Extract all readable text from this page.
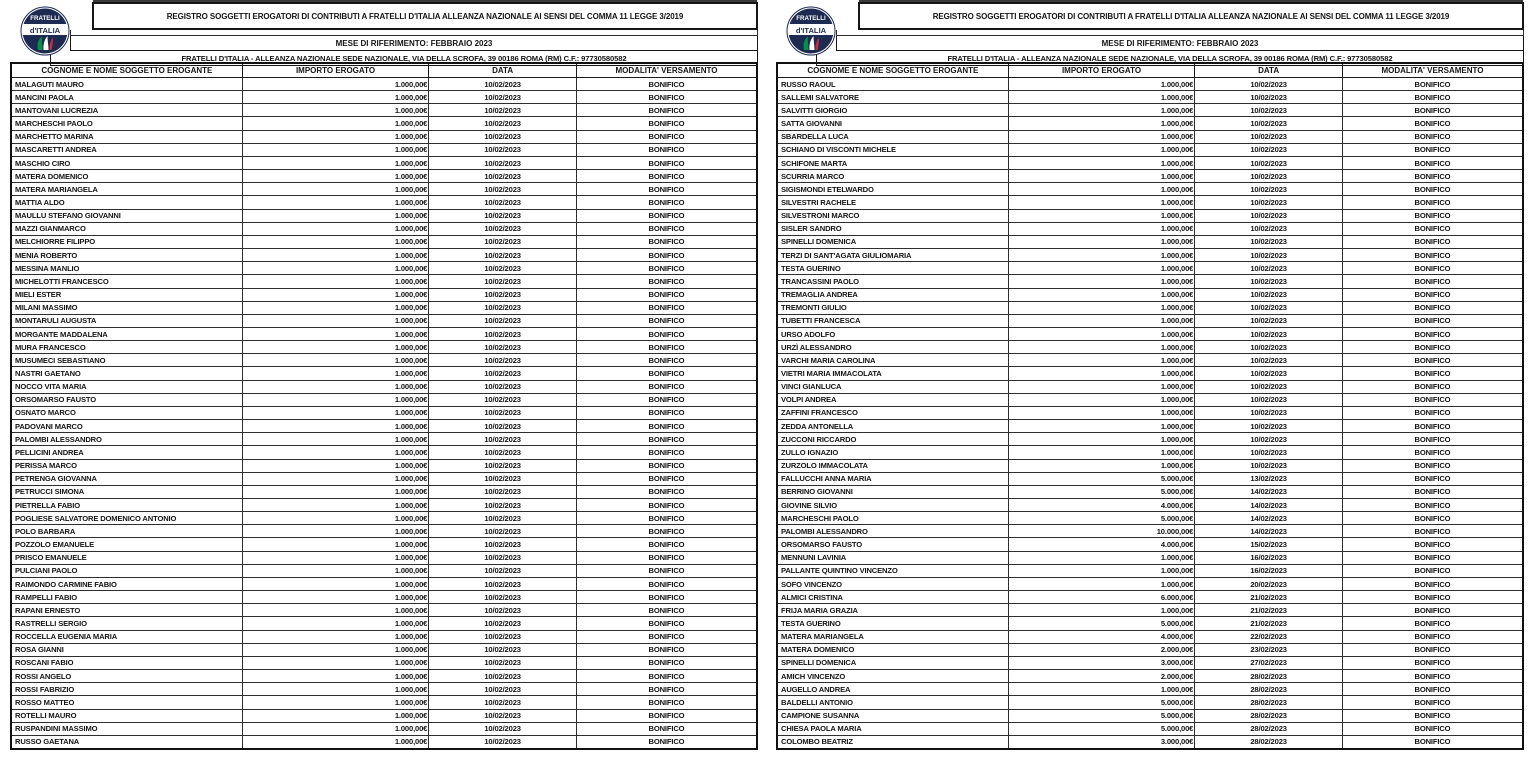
FRATELLI
d'ITALIA
REGISTRO SOGGETTI EROGATORI DI CONTRIBUTI A FRATELLI D'ITALIA ALLEANZA NAZIONALE AI SENSI DEL COMMA 11 LEGGE 3/2019
MESE DI RIFERIMENTO: FEBBRAIO 2023
FRATELLI D'ITALIA - ALLEANZA NAZIONALE SEDE NAZIONALE, VIA DELLA SCROFA, 39 00186 ROMA (RM) C.F.: 97730580582
COGNOME E NOME SOGGETTO EROGANTE	IMPORTO EROGATO	DATA	MODALITA' VERSAMENTO
MALAGUTI MAURO	1.000,00€	10/02/2023	BONIFICO
MANCINI PAOLA	1.000,00€	10/02/2023	BONIFICO
MANTOVANI LUCREZIA	1.000,00€	10/02/2023	BONIFICO
MARCHESCHI PAOLO	1.000,00€	10/02/2023	BONIFICO
MARCHETTO MARINA	1.000,00€	10/02/2023	BONIFICO
MASCARETTI ANDREA	1.000,00€	10/02/2023	BONIFICO
MASCHIO CIRO	1.000,00€	10/02/2023	BONIFICO
MATERA DOMENICO	1.000,00€	10/02/2023	BONIFICO
MATERA MARIANGELA	1.000,00€	10/02/2023	BONIFICO
MATTIA ALDO	1.000,00€	10/02/2023	BONIFICO
MAULLU STEFANO GIOVANNI	1.000,00€	10/02/2023	BONIFICO
MAZZI GIANMARCO	1.000,00€	10/02/2023	BONIFICO
MELCHIORRE FILIPPO	1.000,00€	10/02/2023	BONIFICO
MENIA ROBERTO	1.000,00€	10/02/2023	BONIFICO
MESSINA MANLIO	1.000,00€	10/02/2023	BONIFICO
MICHELOTTI FRANCESCO	1.000,00€	10/02/2023	BONIFICO
MIELI ESTER	1.000,00€	10/02/2023	BONIFICO
MILANI MASSIMO	1.000,00€	10/02/2023	BONIFICO
MONTARULI AUGUSTA	1.000,00€	10/02/2023	BONIFICO
MORGANTE MADDALENA	1.000,00€	10/02/2023	BONIFICO
MURA FRANCESCO	1.000,00€	10/02/2023	BONIFICO
MUSUMECI SEBASTIANO	1.000,00€	10/02/2023	BONIFICO
NASTRI GAETANO	1.000,00€	10/02/2023	BONIFICO
NOCCO VITA MARIA	1.000,00€	10/02/2023	BONIFICO
ORSOMARSO FAUSTO	1.000,00€	10/02/2023	BONIFICO
OSNATO MARCO	1.000,00€	10/02/2023	BONIFICO
PADOVANI MARCO	1.000,00€	10/02/2023	BONIFICO
PALOMBI ALESSANDRO	1.000,00€	10/02/2023	BONIFICO
PELLICINI ANDREA	1.000,00€	10/02/2023	BONIFICO
PERISSA MARCO	1.000,00€	10/02/2023	BONIFICO
PETRENGA GIOVANNA	1.000,00€	10/02/2023	BONIFICO
PETRUCCI SIMONA	1.000,00€	10/02/2023	BONIFICO
PIETRELLA FABIO	1.000,00€	10/02/2023	BONIFICO
POGLIESE SALVATORE DOMENICO ANTONIO	1.000,00€	10/02/2023	BONIFICO
POLO BARBARA	1.000,00€	10/02/2023	BONIFICO
POZZOLO EMANUELE	1.000,00€	10/02/2023	BONIFICO
PRISCO EMANUELE	1.000,00€	10/02/2023	BONIFICO
PULCIANI PAOLO	1.000,00€	10/02/2023	BONIFICO
RAIMONDO CARMINE FABIO	1.000,00€	10/02/2023	BONIFICO
RAMPELLI FABIO	1.000,00€	10/02/2023	BONIFICO
RAPANI ERNESTO	1.000,00€	10/02/2023	BONIFICO
RASTRELLI SERGIO	1.000,00€	10/02/2023	BONIFICO
ROCCELLA EUGENIA MARIA	1.000,00€	10/02/2023	BONIFICO
ROSA GIANNI	1.000,00€	10/02/2023	BONIFICO
ROSCANI FABIO	1.000,00€	10/02/2023	BONIFICO
ROSSI ANGELO	1.000,00€	10/02/2023	BONIFICO
ROSSI FABRIZIO	1.000,00€	10/02/2023	BONIFICO
ROSSO MATTEO	1.000,00€	10/02/2023	BONIFICO
ROTELLI MAURO	1.000,00€	10/02/2023	BONIFICO
RUSPANDINI MASSIMO	1.000,00€	10/02/2023	BONIFICO
RUSSO GAETANA	1.000,00€	10/02/2023	BONIFICO
FRATELLI
d'ITALIA
REGISTRO SOGGETTI EROGATORI DI CONTRIBUTI A FRATELLI D'ITALIA ALLEANZA NAZIONALE AI SENSI DEL COMMA 11 LEGGE 3/2019
MESE DI RIFERIMENTO: FEBBRAIO 2023
FRATELLI D'ITALIA - ALLEANZA NAZIONALE SEDE NAZIONALE, VIA DELLA SCROFA, 39 00186 ROMA (RM) C.F.: 97730580582
COGNOME E NOME SOGGETTO EROGANTE	IMPORTO EROGATO	DATA	MODALITA' VERSAMENTO
RUSSO RAOUL	1.000,00€	10/02/2023	BONIFICO
SALLEMI SALVATORE	1.000,00€	10/02/2023	BONIFICO
SALVITTI GIORGIO	1.000,00€	10/02/2023	BONIFICO
SATTA GIOVANNI	1.000,00€	10/02/2023	BONIFICO
SBARDELLA LUCA	1.000,00€	10/02/2023	BONIFICO
SCHIANO DI VISCONTI MICHELE	1.000,00€	10/02/2023	BONIFICO
SCHIFONE MARTA	1.000,00€	10/02/2023	BONIFICO
SCURRIA MARCO	1.000,00€	10/02/2023	BONIFICO
SIGISMONDI ETELWARDO	1.000,00€	10/02/2023	BONIFICO
SILVESTRI RACHELE	1.000,00€	10/02/2023	BONIFICO
SILVESTRONI MARCO	1.000,00€	10/02/2023	BONIFICO
SISLER SANDRO	1.000,00€	10/02/2023	BONIFICO
SPINELLI DOMENICA	1.000,00€	10/02/2023	BONIFICO
TERZI DI SANT'AGATA GIULIOMARIA	1.000,00€	10/02/2023	BONIFICO
TESTA GUERINO	1.000,00€	10/02/2023	BONIFICO
TRANCASSINI PAOLO	1.000,00€	10/02/2023	BONIFICO
TREMAGLIA ANDREA	1.000,00€	10/02/2023	BONIFICO
TREMONTI GIULIO	1.000,00€	10/02/2023	BONIFICO
TUBETTI FRANCESCA	1.000,00€	10/02/2023	BONIFICO
URSO ADOLFO	1.000,00€	10/02/2023	BONIFICO
URZÌ ALESSANDRO	1.000,00€	10/02/2023	BONIFICO
VARCHI MARIA CAROLINA	1.000,00€	10/02/2023	BONIFICO
VIETRI MARIA IMMACOLATA	1.000,00€	10/02/2023	BONIFICO
VINCI GIANLUCA	1.000,00€	10/02/2023	BONIFICO
VOLPI ANDREA	1.000,00€	10/02/2023	BONIFICO
ZAFFINI FRANCESCO	1.000,00€	10/02/2023	BONIFICO
ZEDDA ANTONELLA	1.000,00€	10/02/2023	BONIFICO
ZUCCONI RICCARDO	1.000,00€	10/02/2023	BONIFICO
ZULLO IGNAZIO	1.000,00€	10/02/2023	BONIFICO
ZURZOLO IMMACOLATA	1.000,00€	10/02/2023	BONIFICO
FALLUCCHI ANNA MARIA	5.000,00€	13/02/2023	BONIFICO
BERRINO GIOVANNI	5.000,00€	14/02/2023	BONIFICO
GIOVINE SILVIO	4.000,00€	14/02/2023	BONIFICO
MARCHESCHI PAOLO	5.000,00€	14/02/2023	BONIFICO
PALOMBI ALESSANDRO	10.000,00€	14/02/2023	BONIFICO
ORSOMARSO FAUSTO	4.000,00€	15/02/2023	BONIFICO
MENNUNI LAVINIA	1.000,00€	16/02/2023	BONIFICO
PALLANTE QUINTINO VINCENZO	1.000,00€	16/02/2023	BONIFICO
SOFO VINCENZO	1.000,00€	20/02/2023	BONIFICO
ALMICI CRISTINA	6.000,00€	21/02/2023	BONIFICO
FRIJA MARIA GRAZIA	1.000,00€	21/02/2023	BONIFICO
TESTA GUERINO	5.000,00€	21/02/2023	BONIFICO
MATERA MARIANGELA	4.000,00€	22/02/2023	BONIFICO
MATERA DOMENICO	2.000,00€	23/02/2023	BONIFICO
SPINELLI DOMENICA	3.000,00€	27/02/2023	BONIFICO
AMICH VINCENZO	2.000,00€	28/02/2023	BONIFICO
AUGELLO ANDREA	1.000,00€	28/02/2023	BONIFICO
BALDELLI ANTONIO	5.000,00€	28/02/2023	BONIFICO
CAMPIONE SUSANNA	5.000,00€	28/02/2023	BONIFICO
CHIESA PAOLA MARIA	5.000,00€	28/02/2023	BONIFICO
COLOMBO BEATRIZ	3.000,00€	28/02/2023	BONIFICO
